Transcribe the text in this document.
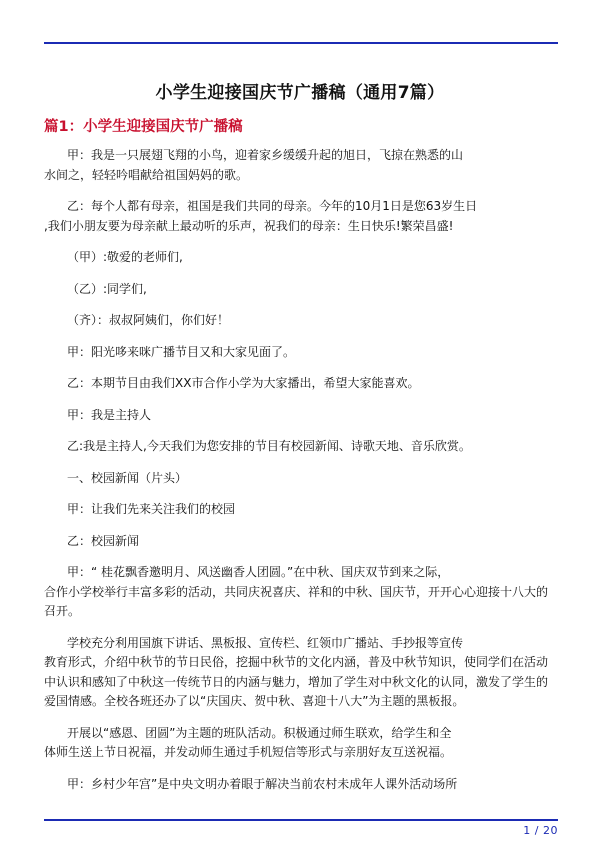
小学生迎接国庆节广播稿（通用7篇）
篇1：小学生迎接国庆节广播稿

甲：我是一只展翅飞翔的小鸟，迎着家乡缓缓升起的旭日，飞掠在熟悉的山
水间之，轻轻吟唱献给祖国妈妈的歌。

乙：每个人都有母亲，祖国是我们共同的母亲。今年的10月1日是您63岁生日
,我们小朋友要为母亲献上最动听的乐声，祝我们的母亲：生日快乐!繁荣昌盛!

（甲）:敬爱的老师们,

（乙）:同学们,

（齐）：叔叔阿姨们，你们好！

甲：阳光哆来咪广播节目又和大家见面了。

乙：本期节目由我们XX市合作小学为大家播出，希望大家能喜欢。

甲：我是主持人

乙:我是主持人,今天我们为您安排的节目有校园新闻、诗歌天地、音乐欣赏。

一、校园新闻（片头）

甲：让我们先来关注我们的校园

乙：校园新闻

甲：“ 桂花飘香邀明月、风送幽香人团圆。”在中秋、国庆双节到来之际，
合作小学校举行丰富多彩的活动，共同庆祝喜庆、祥和的中秋、国庆节，开开心心迎接十八大的
召开。

学校充分利用国旗下讲话、黑板报、宣传栏、红领巾广播站、手抄报等宣传
教育形式，介绍中秋节的节日民俗，挖掘中秋节的文化内涵，普及中秋节知识，使同学们在活动
中认识和感知了中秋这一传统节日的内涵与魅力，增加了学生对中秋文化的认同，激发了学生的
爱国情感。全校各班还办了以“庆国庆、贺中秋、喜迎十八大”为主题的黑板报。

开展以“感恩、团圆”为主题的班队活动。积极通过师生联欢，给学生和全
体师生送上节日祝福，并发动师生通过手机短信等形式与亲朋好友互送祝福。

甲：乡村少年宫”是中央文明办着眼于解决当前农村未成年人课外活动场所

1 / 20
